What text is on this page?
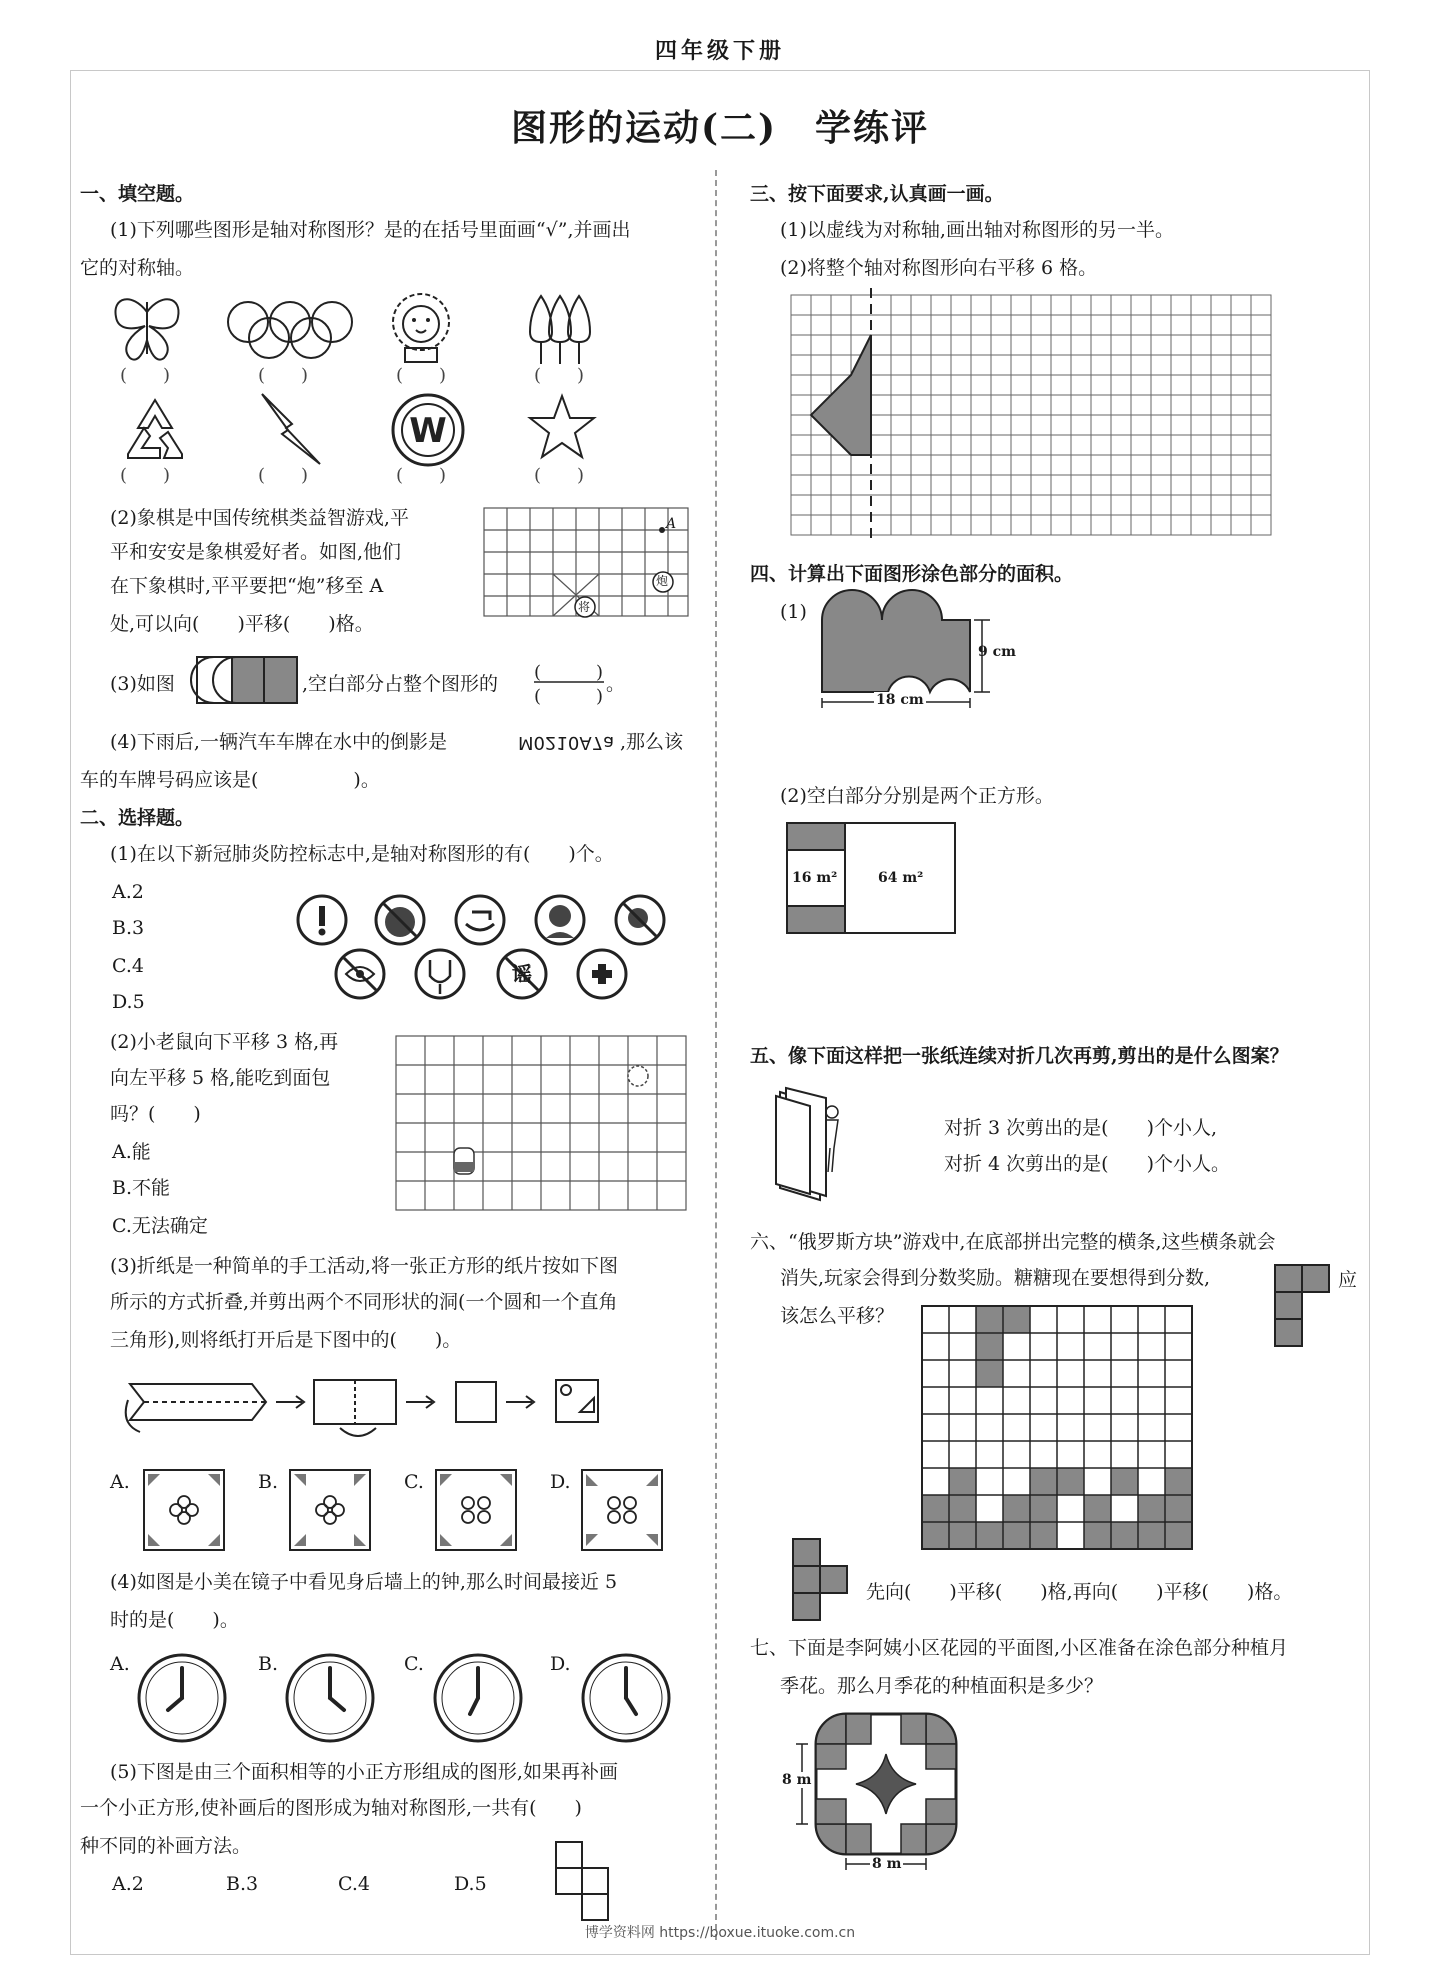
四年级下册
图形的运动(二)　学练评
一、填空题。
(1)下列哪些图形是轴对称图形？是的在括号里面画“√”,并画出
它的对称轴。
(　　)	(　　)	(　　)	(　　)
W
(　　)	(　　)	(　　)	(　　)
(2)象棋是中国传统棋类益智游戏,平
平和安安是象棋爱好者。如图,他们
在下象棋时,平平要把“炮”移至 A
处,可以向(　　)平移(　　)格。
A
炮
将
(3)如图	,空白部分占整个图形的
(	)
(	)
。
(4)下雨后,一辆汽车车牌在水中的倒影是	M0210A7a ,那么该
车的车牌号码应该是(　　　　　)。
二、选择题。
(1)在以下新冠肺炎防控标志中,是轴对称图形的有(　　)个。
A.2
B.3
C.4
D.5
谣
(2)小老鼠向下平移 3 格,再
向左平移 5 格,能吃到面包
吗？(　　)
A.能
B.不能
C.无法确定
(3)折纸是一种简单的手工活动,将一张正方形的纸片按如下图
所示的方式折叠,并剪出两个不同形状的洞(一个圆和一个直角
三角形),则将纸打开后是下图中的(　　)。
A.	B.	C.	D.
(4)如图是小美在镜子中看见身后墙上的钟,那么时间最接近 5
时的是(　　)。
A.	B.	C.	D.
(5)下图是由三个面积相等的小正方形组成的图形,如果再补画
一个小正方形,使补画后的图形成为轴对称图形,一共有(　　)
种不同的补画方法。
A.2	B.3	C.4	D.5
三、按下面要求,认真画一画。
(1)以虚线为对称轴,画出轴对称图形的另一半。
(2)将整个轴对称图形向右平移 6 格。
四、计算出下面图形涂色部分的面积。
(1)
9 cm
18 cm
(2)空白部分分别是两个正方形。
16 m²	64 m²
五、像下面这样把一张纸连续对折几次再剪,剪出的是什么图案？
对折 3 次剪出的是(　　)个小人,
对折 4 次剪出的是(　　)个小人。
六、“俄罗斯方块”游戏中,在底部拼出完整的横条,这些横条就会
消失,玩家会得到分数奖励。糖糖现在要想得到分数,	应
该怎么平移？
先向(　　)平移(　　)格,再向(　　)平移(　　)格。
七、下面是李阿姨小区花园的平面图,小区准备在涂色部分种植月
季花。那么月季花的种植面积是多少？
8 m
8 m
博学资料网 https://boxue.ituoke.com.cn
